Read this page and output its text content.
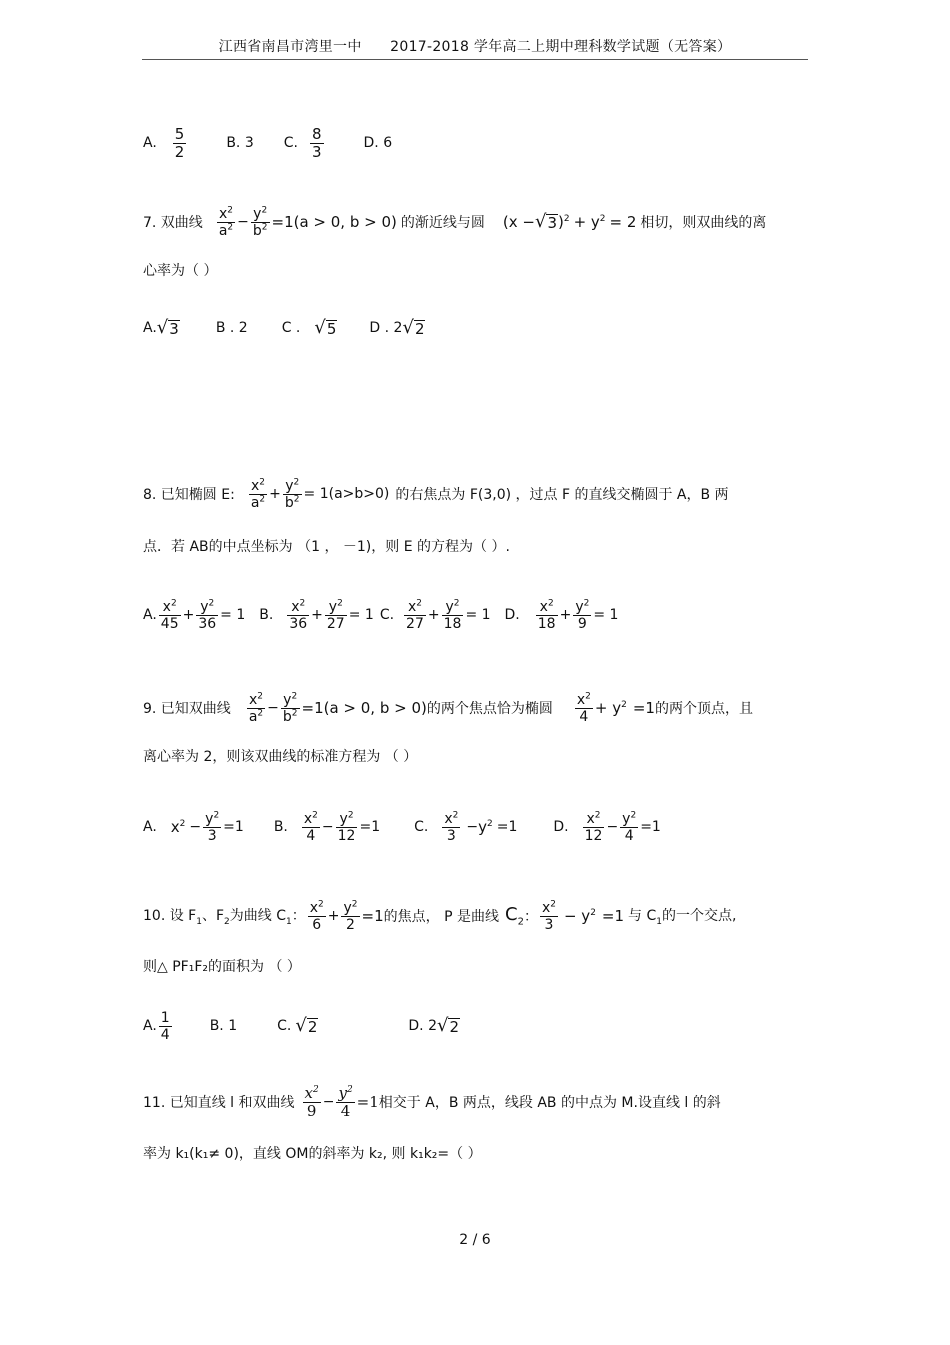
江西省南昌市湾里一中      2017-2018 学年高二上期中理科数学试题（无答案）
A. $\frac{5}{2}$	B. 3 C. $\frac{8}{3}$	D. 6
7. 双曲线 $\frac{x^2}{a^2} - \frac{y^2}{b^2} =1(a > 0$, b > 0) 的渐近线与圆 (x − √ 3 )$^2 + y^2 = 2$ 相切，则双曲线的离
心率为（ ）
A. √ 3	B . 2 C . √ 5 D . 2 √ 2
8. 已知椭圆 E: $\frac{x^2}{a^2} + \frac{y^2}{b^2} = 1(a>b>0)$ 的右焦点为 F(3,0) ，过点 F 的直线交椭圆于 A，B 两
点．若 AB的中点坐标为 （1 ， －1)，则 E 的方程为（ ）.
A. $\frac{x^2}{45} + \frac{y^2}{36} = 1$ B. $\frac{x^2}{36} + \frac{y^2}{27} = 1$ C. $\frac{x^2}{27} + \frac{y^2}{18} = 1$ D. $\frac{x^2}{18} + \frac{y^2}{9} = 1$
9. 已知双曲线 $\frac{x^2}{a^2} - \frac{y^2}{b^2} =1(a > 0$, b > 0) 的两个焦点恰为椭圆 $\frac{x^2}{4} + y^2 =1$ 的两个顶点，且
离心率为 2，则该双曲线的标准方程为 （ ）
A. $x^2 - \frac{y^2}{3} =1$ B. $\frac{x^2}{4} - \frac{y^2}{12} =1$ C. $\frac{x^2}{3} - y^2 =1$	D. $\frac{x^2}{12} - \frac{y^2}{4} =1$
10. 设 $F_1$、$F_2$ 为曲线 $C_1$： $\frac{x^2}{6} + \frac{y^2}{2} =1$ 的焦点， P 是曲线 $C_2$ ： $\frac{x^2}{3} - y^2 =1$ 与 $C_1$的一个交点,
则△ PF₁F₂的面积为 （ ）
A. $\frac{1}{4}$	B. 1	C. √ 2	D. 2 √ 2
11. 已知直线 l 和双曲线 $\frac{x^2}{9} - \frac{y^2}{4} =1$ 相交于 A，B 两点，线段 AB 的中点为 M.设直线 l 的斜
率为 k₁(k₁≠ 0)，直线 OM的斜率为 k₂, 则 k₁k₂=（ ）
2 / 6
